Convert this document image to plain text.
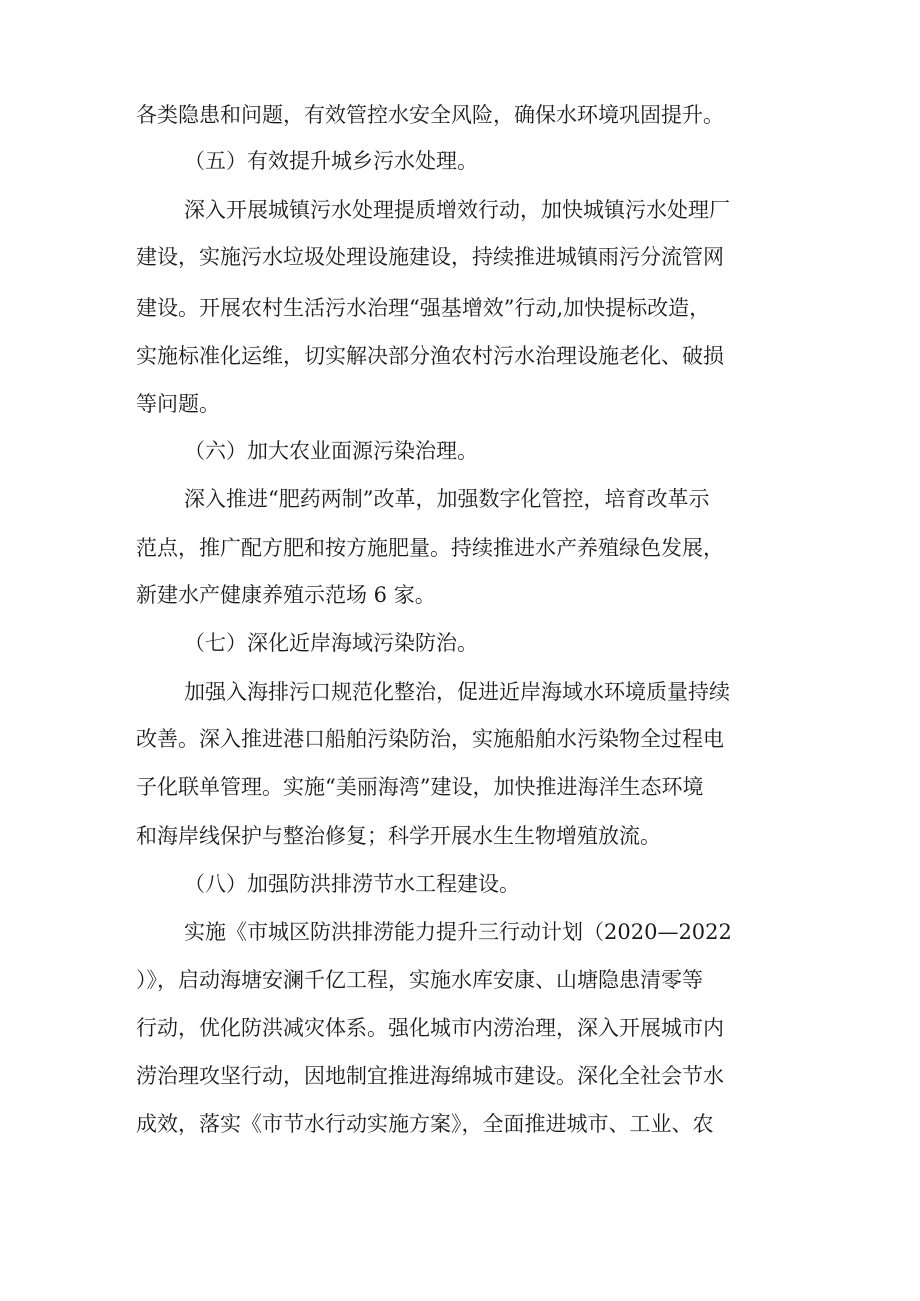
各类隐患和问题，有效管控水安全风险，确保水环境巩固提升。
（五）有效提升城乡污水处理。
深入开展城镇污水处理提质增效行动，加快城镇污水处理厂
建设，实施污水垃圾处理设施建设，持续推进城镇雨污分流管网
建设。开展农村生活污水治理“强基增效”行动,加快提标改造，
实施标准化运维，切实解决部分渔农村污水治理设施老化、破损
等问题。
（六）加大农业面源污染治理。
深入推进“肥药两制”改革，加强数字化管控，培育改革示
范点，推广配方肥和按方施肥量。持续推进水产养殖绿色发展，
新建水产健康养殖示范场 6 家。
（七）深化近岸海域污染防治。
加强入海排污口规范化整治，促进近岸海域水环境质量持续
改善。深入推进港口船舶污染防治，实施船舶水污染物全过程电
子化联单管理。实施“美丽海湾”建设，加快推进海洋生态环境
和海岸线保护与整治修复；科学开展水生生物增殖放流。
（八）加强防洪排涝节水工程建设。
实施《市城区防洪排涝能力提升三行动计划（2020—2022
）》，启动海塘安澜千亿工程，实施水库安康、山塘隐患清零等
行动，优化防洪减灾体系。强化城市内涝治理，深入开展城市内
涝治理攻坚行动，因地制宜推进海绵城市建设。深化全社会节水
成效，落实《市节水行动实施方案》，全面推进城市、工业、农
